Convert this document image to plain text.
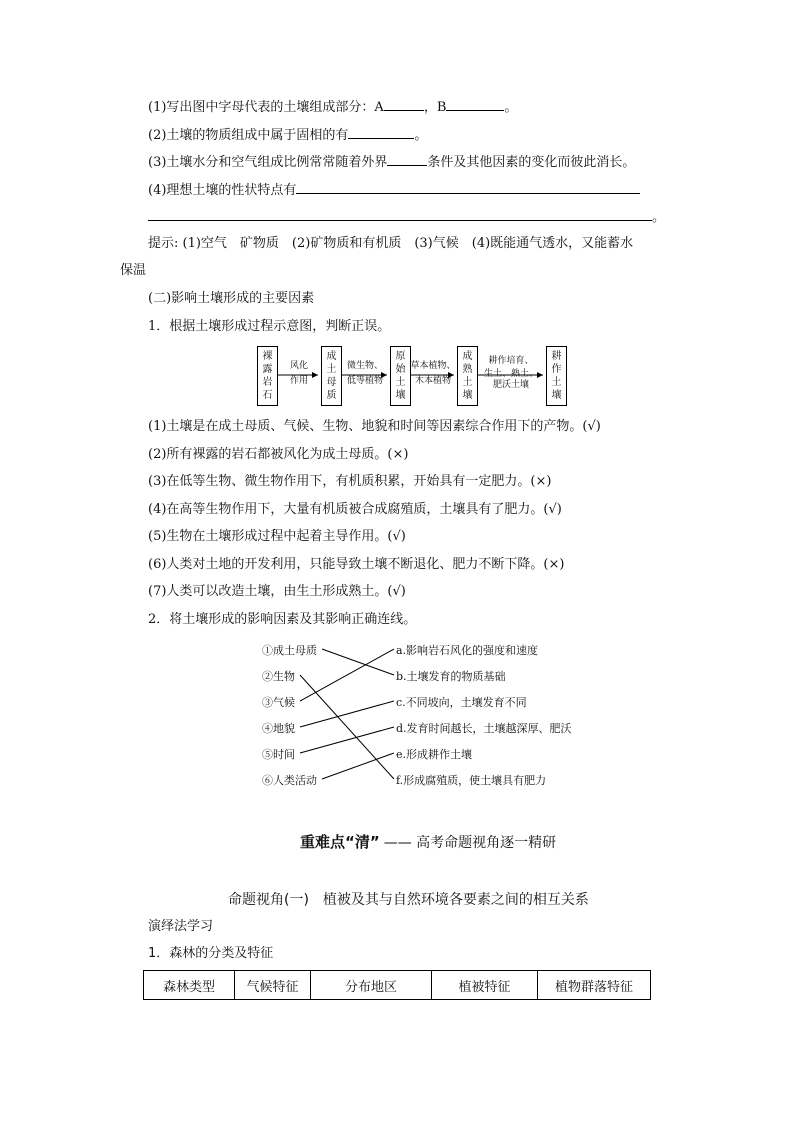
(1)写出图中字母代表的土壤组成部分：A	，B	。
(2)土壤的物质组成中属于固相的有	。
(3)土壤水分和空气组成比例常常随着外界	条件及其他因素的变化而彼此消长。
(4)理想土壤的性状特点有
。
提示: (1)空气　矿物质　(2)矿物质和有机质　(3)气候　(4)既能通气透水，又能蓄水
保温
(二)影响土壤形成的主要因素
1．根据土壤形成过程示意图，判断正误。
裸
露
岩
石
成
土
母
质
原
始
土
壤
成
熟
土
壤
耕
作
土
壤
风化
作用
微生物、
低等植物
草本植物、
木本植物
耕作培育、
生土、熟土、
肥沃土壤
(1)土壤是在成土母质、气候、生物、地貌和时间等因素综合作用下的产物。(√)
(2)所有裸露的岩石都被风化为成土母质。(×)
(3)在低等生物、微生物作用下，有机质积累，开始具有一定肥力。(×)
(4)在高等生物作用下，大量有机质被合成腐殖质，土壤具有了肥力。(√)
(5)生物在土壤形成过程中起着主导作用。(√)
(6)人类对土地的开发利用，只能导致土壤不断退化、肥力不断下降。(×)
(7)人类可以改造土壤，由生土形成熟土。(√)
2．将土壤形成的影响因素及其影响正确连线。
①成土母质
②生物
③气候
④地貌
⑤时间
⑥人类活动
a.影响岩石风化的强度和速度
b.土壤发育的物质基础
c.不同坡向，土壤发育不同
d.发育时间越长，土壤越深厚、肥沃
e.形成耕作土壤
f.形成腐殖质，使土壤具有肥力
重难点“清” —— 高考命题视角逐一精研
命题视角(一)　植被及其与自然环境各要素之间的相互关系
演绎法学习
1．森林的分类及特征
森林类型	气候特征	分布地区	植被特征	植物群落特征
